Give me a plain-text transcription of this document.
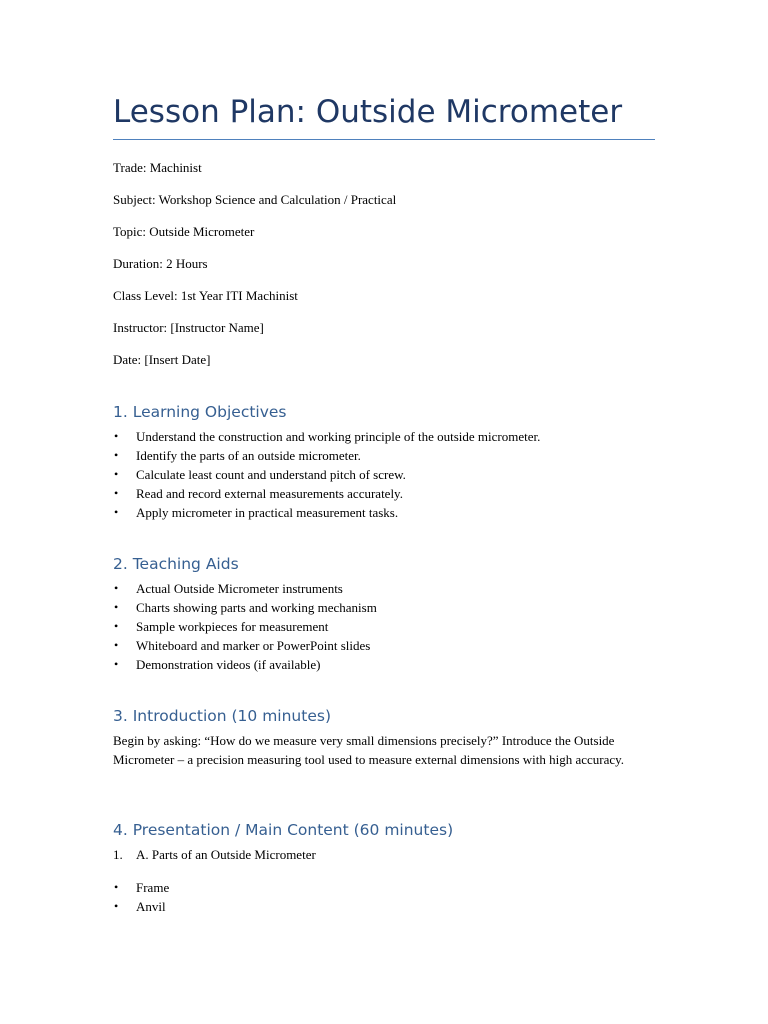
Lesson Plan: Outside Micrometer
Trade: Machinist
Subject: Workshop Science and Calculation / Practical
Topic: Outside Micrometer
Duration: 2 Hours
Class Level: 1st Year ITI Machinist
Instructor: [Instructor Name]
Date: [Insert Date]
1. Learning Objectives
• Understand the construction and working principle of the outside micrometer.
• Identify the parts of an outside micrometer.
• Calculate least count and understand pitch of screw.
• Read and record external measurements accurately.
• Apply micrometer in practical measurement tasks.
2. Teaching Aids
• Actual Outside Micrometer instruments
• Charts showing parts and working mechanism
• Sample workpieces for measurement
• Whiteboard and marker or PowerPoint slides
• Demonstration videos (if available)
3. Introduction (10 minutes)

Begin by asking: “How do we measure very small dimensions precisely?” Introduce the Outside Micrometer – a precision measuring tool used to measure external dimensions with high accuracy.

4. Presentation / Main Content (60 minutes)
1. A. Parts of an Outside Micrometer
• Frame
• Anvil
